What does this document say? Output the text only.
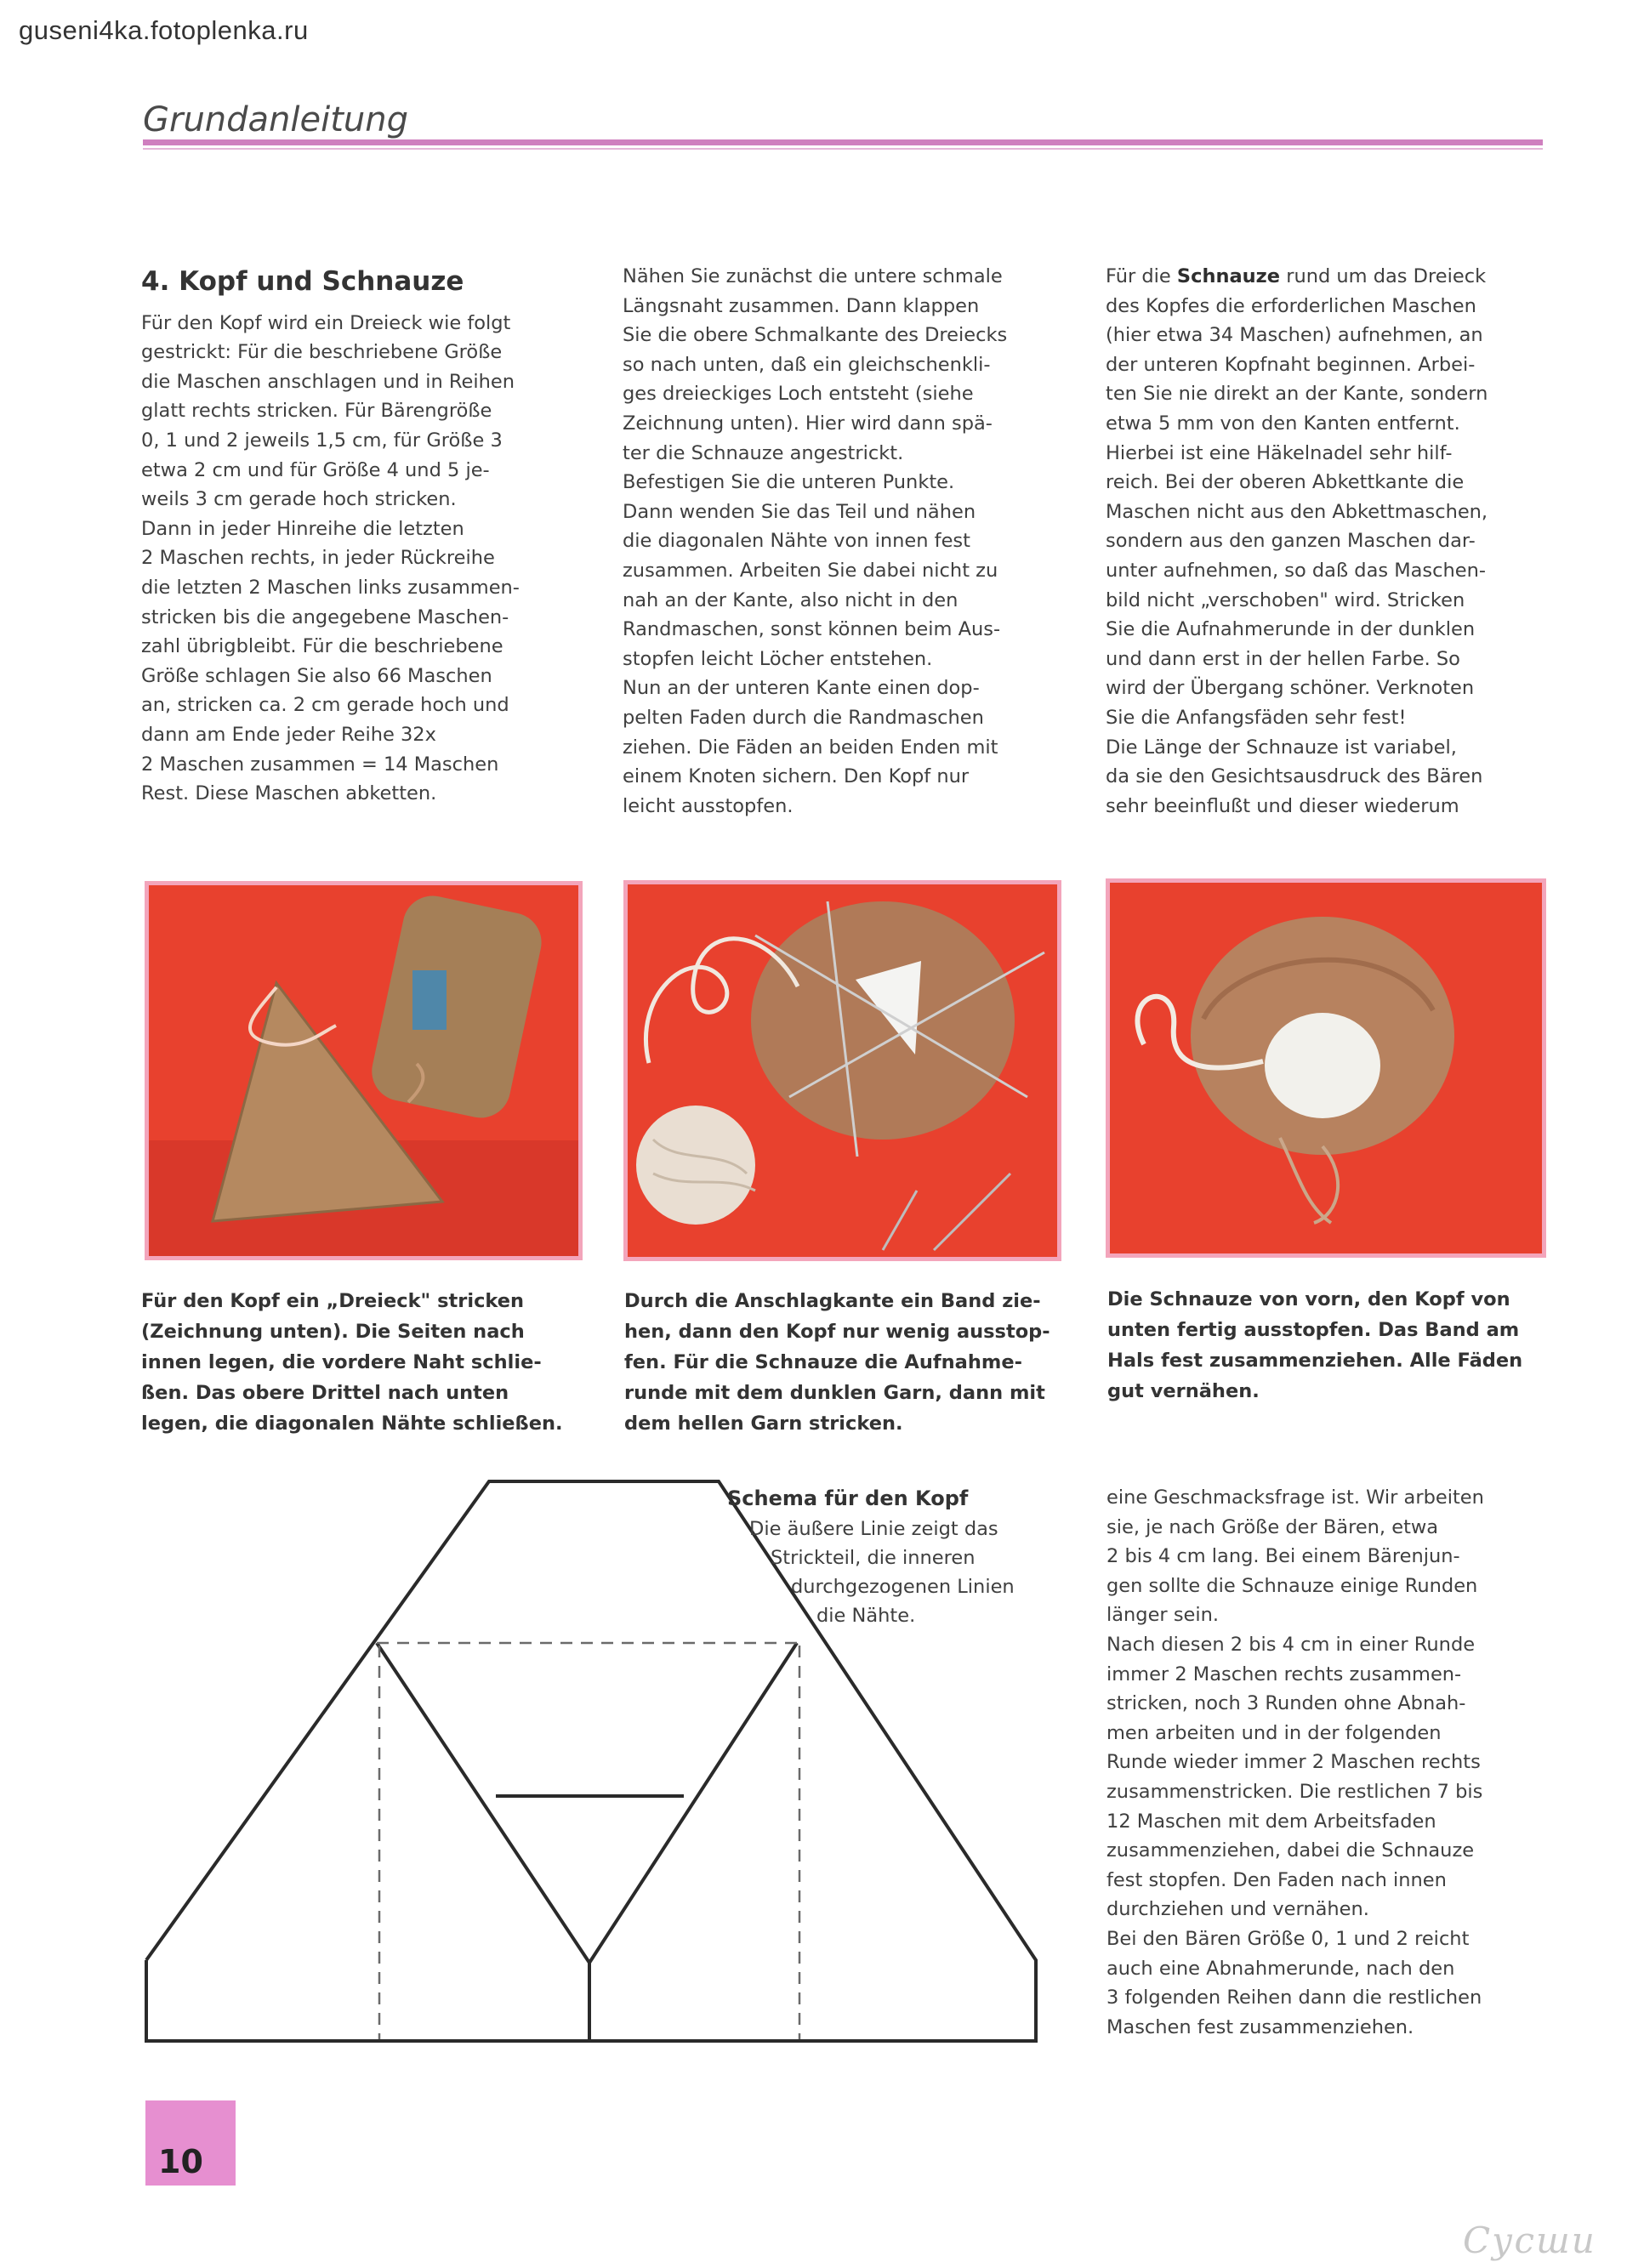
guseni4ka.fotoplenka.ru
Grundanleitung

4. Kopf und Schnauze

Für den Kopf wird ein Dreieck wie folgt

gestrickt: Für die beschriebene Größe

die Maschen anschlagen und in Reihen

glatt rechts stricken. Für Bärengröße

0, 1 und 2 jeweils 1,5 cm, für Größe 3

etwa 2 cm und für Größe 4 und 5 je-

weils 3 cm gerade hoch stricken.

Dann in jeder Hinreihe die letzten

2 Maschen rechts, in jeder Rückreihe

die letzten 2 Maschen links zusammen-

stricken bis die angegebene Maschen-

zahl übrigbleibt. Für die beschriebene

Größe schlagen Sie also 66 Maschen

an, stricken ca. 2 cm gerade hoch und

dann am Ende jeder Reihe 32x

2 Maschen zusammen = 14 Maschen

Rest. Diese Maschen abketten.

Nähen Sie zunächst die untere schmale

Längsnaht zusammen. Dann klappen

Sie die obere Schmalkante des Dreiecks

so nach unten, daß ein gleichschenkli-

ges dreieckiges Loch entsteht (siehe

Zeichnung unten). Hier wird dann spä-

ter die Schnauze angestrickt.

Befestigen Sie die unteren Punkte.

Dann wenden Sie das Teil und nähen

die diagonalen Nähte von innen fest

zusammen. Arbeiten Sie dabei nicht zu

nah an der Kante, also nicht in den

Randmaschen, sonst können beim Aus-

stopfen leicht Löcher entstehen.

Nun an der unteren Kante einen dop-

pelten Faden durch die Randmaschen

ziehen. Die Fäden an beiden Enden mit

einem Knoten sichern. Den Kopf nur

leicht ausstopfen.

Für die Schnauze rund um das Dreieck

des Kopfes die erforderlichen Maschen

(hier etwa 34 Maschen) aufnehmen, an

der unteren Kopfnaht beginnen. Arbei-

ten Sie nie direkt an der Kante, sondern

etwa 5 mm von den Kanten entfernt.

Hierbei ist eine Häkelnadel sehr hilf-

reich. Bei der oberen Abkettkante die

Maschen nicht aus den Abkettmaschen,

sondern aus den ganzen Maschen dar-

unter aufnehmen, so daß das Maschen-

bild nicht „verschoben" wird. Stricken

Sie die Aufnahmerunde in der dunklen

und dann erst in der hellen Farbe. So

wird der Übergang schöner. Verknoten

Sie die Anfangsfäden sehr fest!

Die Länge der Schnauze ist variabel,

da sie den Gesichtsausdruck des Bären

sehr beeinflußt und dieser wiederum

Für den Kopf ein „Dreieck" stricken
(Zeichnung unten). Die Seiten nach
innen legen, die vordere Naht schlie-
ßen. Das obere Drittel nach unten
legen, die diagonalen Nähte schließen.
Durch die Anschlagkante ein Band zie-
hen, dann den Kopf nur wenig ausstop-
fen. Für die Schnauze die Aufnahme-
runde mit dem dunklen Garn, dann mit
dem hellen Garn stricken.
Die Schnauze von vorn, den Kopf von
unten fertig ausstopfen. Das Band am
Hals fest zusammenziehen. Alle Fäden
gut vernähen.
Schema für den Kopf
Die äußere Linie zeigt das
Strickteil, die inneren
durchgezogenen Linien
die Nähte.

eine Geschmacksfrage ist. Wir arbeiten

sie, je nach Größe der Bären, etwa

2 bis 4 cm lang. Bei einem Bärenjun-

gen sollte die Schnauze einige Runden

länger sein.

Nach diesen 2 bis 4 cm in einer Runde

immer 2 Maschen rechts zusammen-

stricken, noch 3 Runden ohne Abnah-

men arbeiten und in der folgenden

Runde wieder immer 2 Maschen rechts

zusammenstricken. Die restlichen 7 bis

12 Maschen mit dem Arbeitsfaden

zusammenziehen, dabei die Schnauze

fest stopfen. Den Faden nach innen

durchziehen und vernähen.

Bei den Bären Größe 0, 1 und 2 reicht

auch eine Abnahmerunde, nach den

3 folgenden Reihen dann die restlichen

Maschen fest zusammenziehen.

10
Сусши
